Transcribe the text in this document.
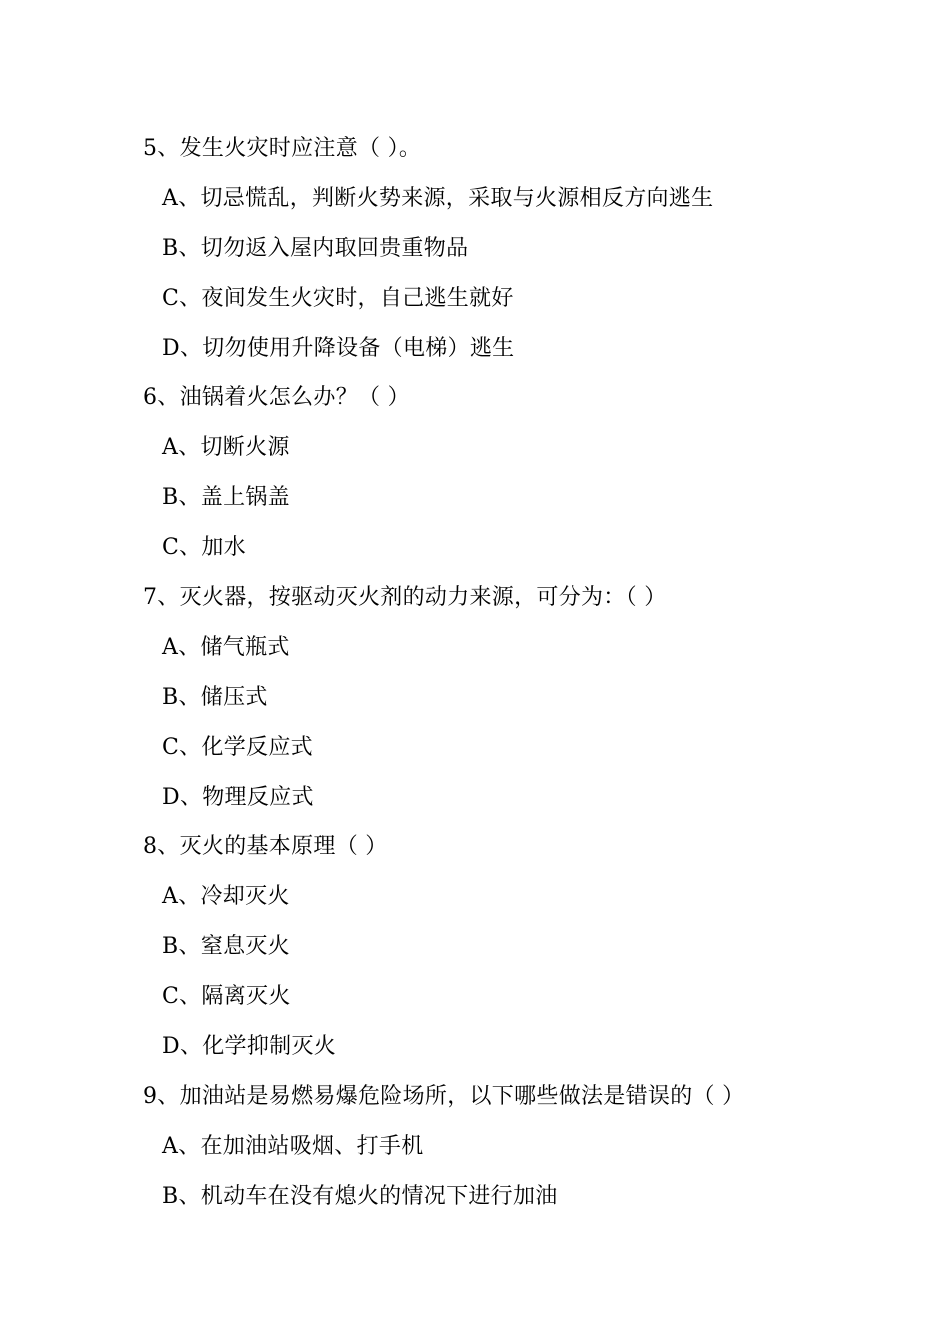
5、发生火灾时应注意（ ）。
A、切忌慌乱，判断火势来源，采取与火源相反方向逃生
B、切勿返入屋内取回贵重物品
C、夜间发生火灾时，自己逃生就好
D、切勿使用升降设备（电梯）逃生
6、油锅着火怎么办？（ ）
A、切断火源
B、盖上锅盖
C、加水
7、灭火器，按驱动灭火剂的动力来源，可分为：（ ）
A、储气瓶式
B、储压式
C、化学反应式
D、物理反应式
8、灭火的基本原理（ ）
A、冷却灭火
B、窒息灭火
C、隔离灭火
D、化学抑制灭火
9、加油站是易燃易爆危险场所，以下哪些做法是错误的（ ）
A、在加油站吸烟、打手机
B、机动车在没有熄火的情况下进行加油
